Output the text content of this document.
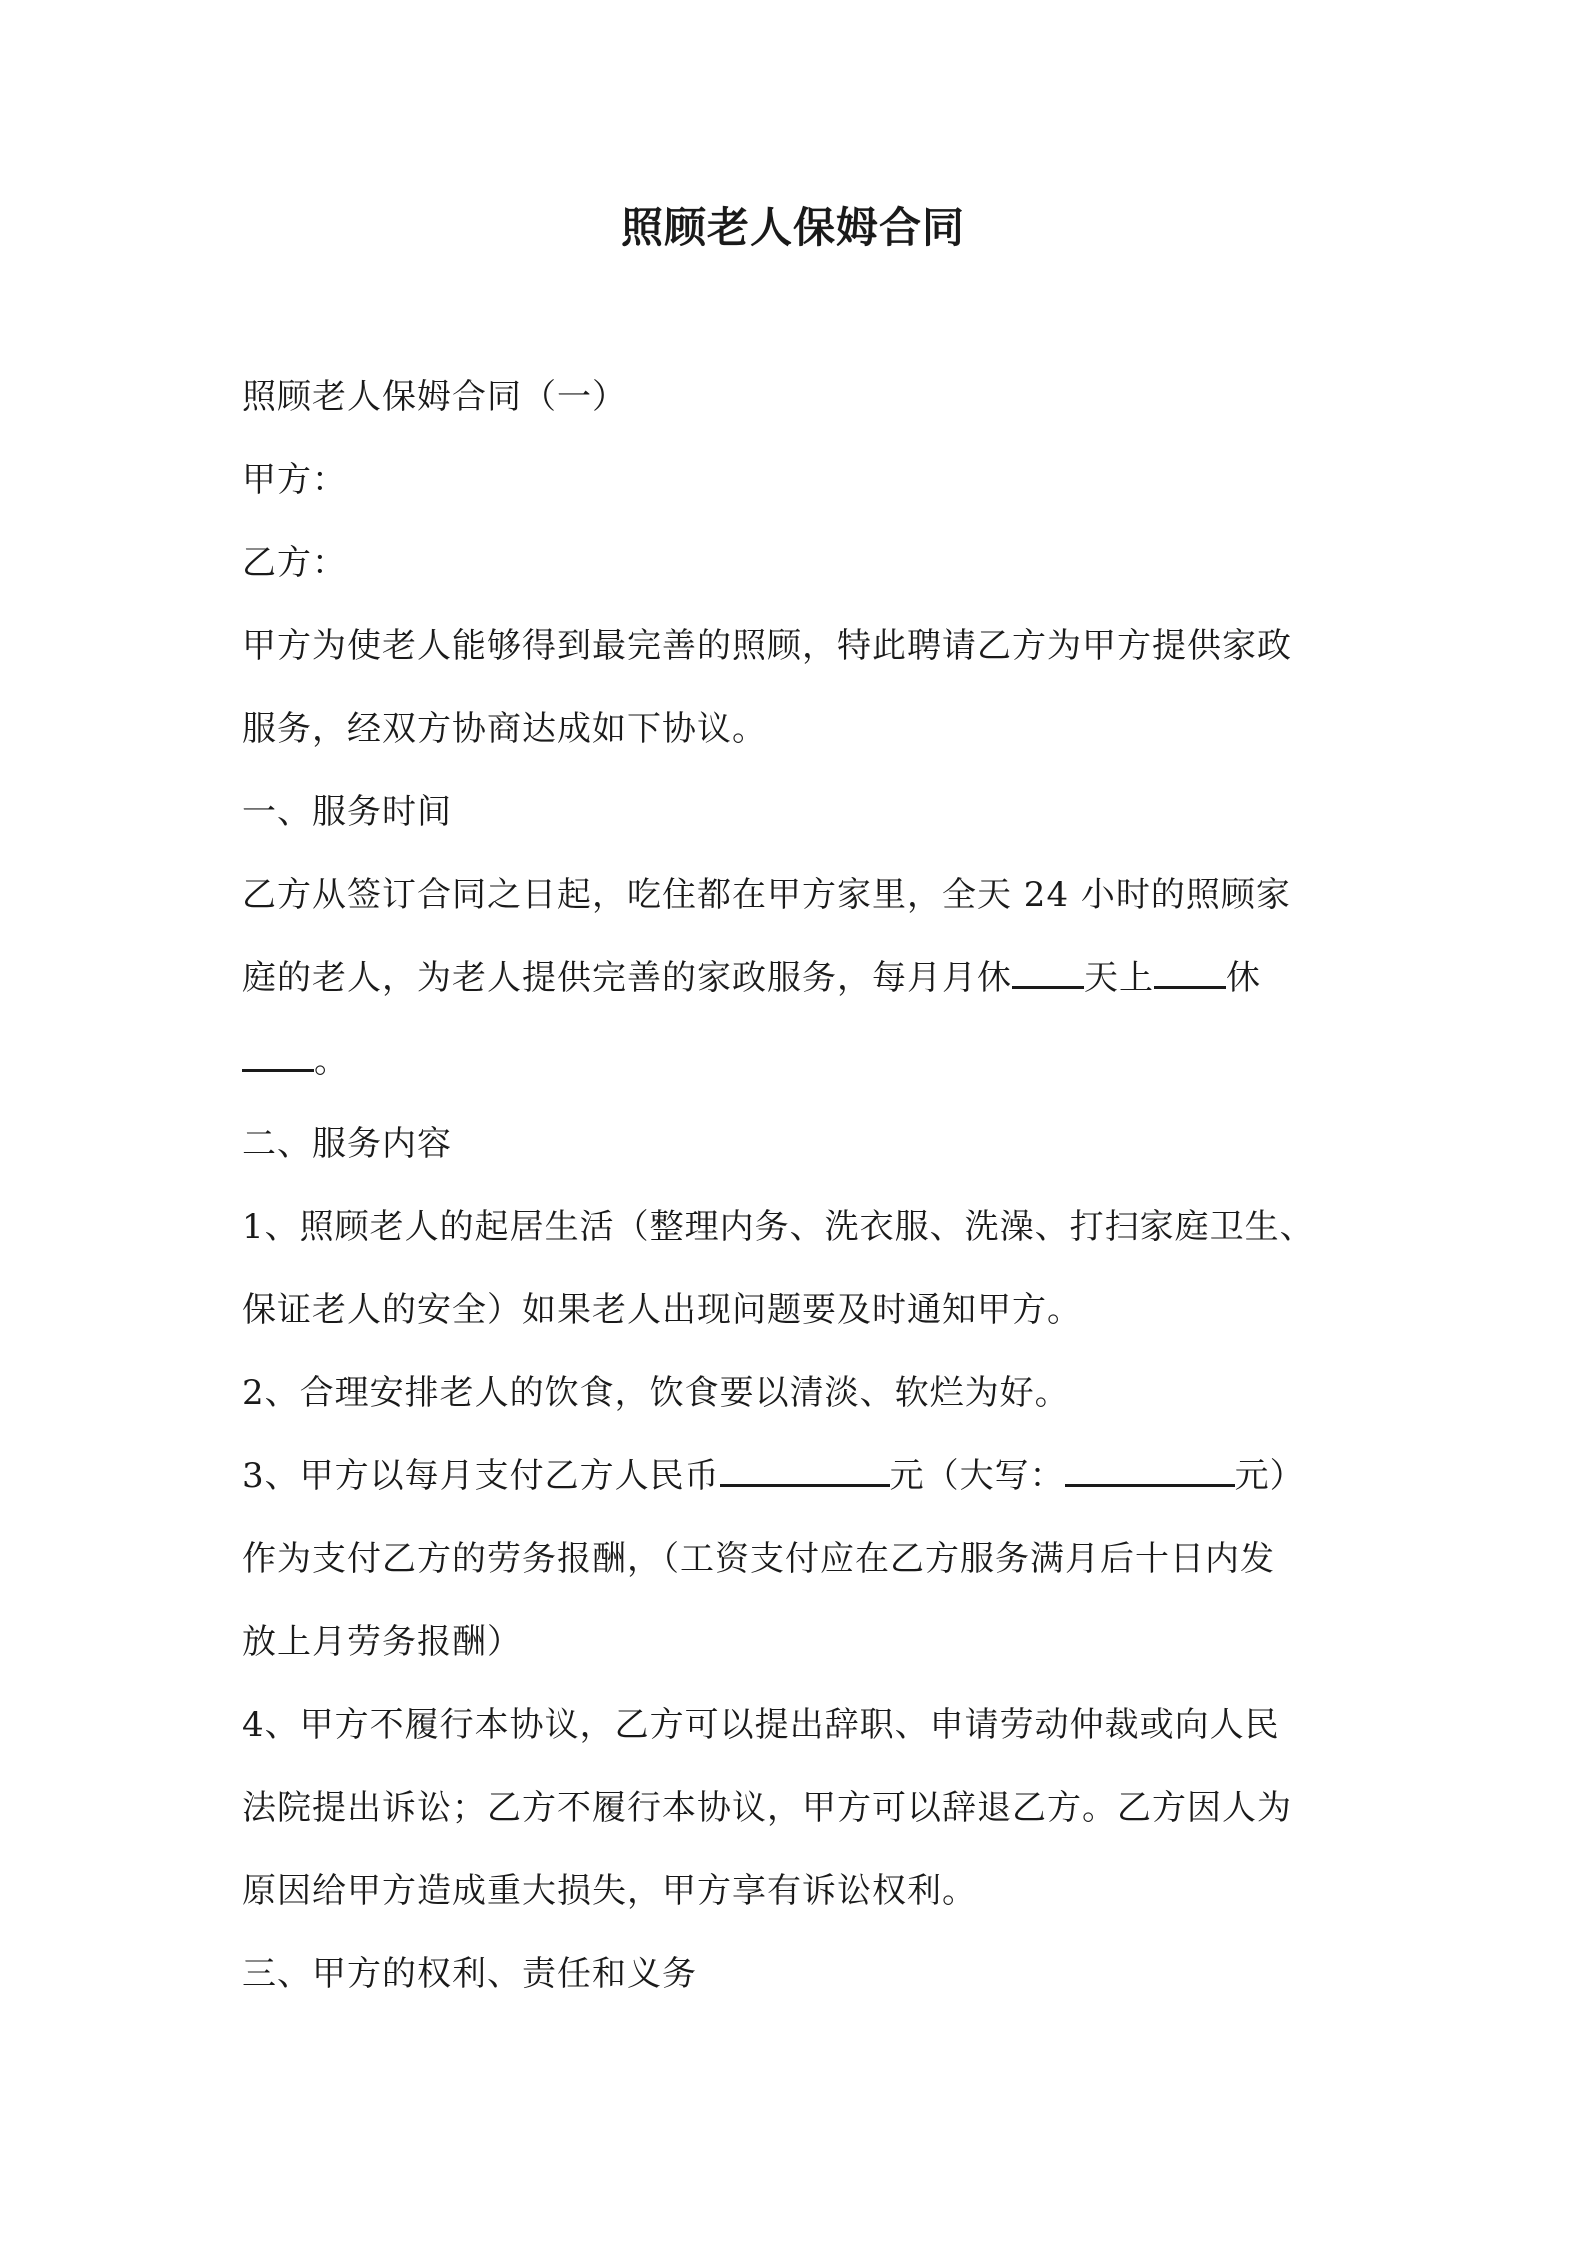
照顾老人保姆合同

照顾老人保姆合同（一）

甲方：

乙方：

甲方为使老人能够得到最完善的照顾，特此聘请乙方为甲方提供家政

服务，经双方协商达成如下协议。

一、服务时间

乙方从签订合同之日起，吃住都在甲方家里，全天 24 小时的照顾家

庭的老人，为老人提供完善的家政服务，每月月休 天上 休

。

二、服务内容

1、照顾老人的起居生活（整理内务、洗衣服、洗澡、打扫家庭卫生、

保证老人的安全）如果老人出现问题要及时通知甲方。

2、合理安排老人的饮食，饮食要以清淡、软烂为好。

3、甲方以每月支付乙方人民币	元（大写：	元）

作为支付乙方的劳务报酬，（工资支付应在乙方服务满月后十日内发

放上月劳务报酬）

4、甲方不履行本协议，乙方可以提出辞职、申请劳动仲裁或向人民

法院提出诉讼；乙方不履行本协议，甲方可以辞退乙方。乙方因人为

原因给甲方造成重大损失，甲方享有诉讼权利。

三、甲方的权利、责任和义务
